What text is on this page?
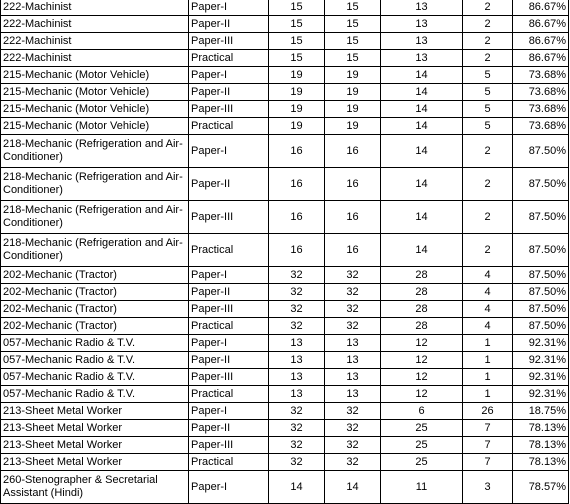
222-Machinist	Paper-I	15	15	13	2	86.67%
222-Machinist	Paper-II	15	15	13	2	86.67%
222-Machinist	Paper-III	15	15	13	2	86.67%
222-Machinist	Practical	15	15	13	2	86.67%
215-Mechanic (Motor Vehicle)	Paper-I	19	19	14	5	73.68%
215-Mechanic (Motor Vehicle)	Paper-II	19	19	14	5	73.68%
215-Mechanic (Motor Vehicle)	Paper-III	19	19	14	5	73.68%
215-Mechanic (Motor Vehicle)	Practical	19	19	14	5	73.68%
218-Mechanic (Refrigeration and Air-Conditioner)	Paper-I	16	16	14	2	87.50%
218-Mechanic (Refrigeration and Air-Conditioner)	Paper-II	16	16	14	2	87.50%
218-Mechanic (Refrigeration and Air-Conditioner)	Paper-III	16	16	14	2	87.50%
218-Mechanic (Refrigeration and Air-Conditioner)	Practical	16	16	14	2	87.50%
202-Mechanic (Tractor)	Paper-I	32	32	28	4	87.50%
202-Mechanic (Tractor)	Paper-II	32	32	28	4	87.50%
202-Mechanic (Tractor)	Paper-III	32	32	28	4	87.50%
202-Mechanic (Tractor)	Practical	32	32	28	4	87.50%
057-Mechanic Radio & T.V.	Paper-I	13	13	12	1	92.31%
057-Mechanic Radio & T.V.	Paper-II	13	13	12	1	92.31%
057-Mechanic Radio & T.V.	Paper-III	13	13	12	1	92.31%
057-Mechanic Radio & T.V.	Practical	13	13	12	1	92.31%
213-Sheet Metal Worker	Paper-I	32	32	6	26	18.75%
213-Sheet Metal Worker	Paper-II	32	32	25	7	78.13%
213-Sheet Metal Worker	Paper-III	32	32	25	7	78.13%
213-Sheet Metal Worker	Practical	32	32	25	7	78.13%
260-Stenographer & Secretarial Assistant (Hindi)	Paper-I	14	14	11	3	78.57%
